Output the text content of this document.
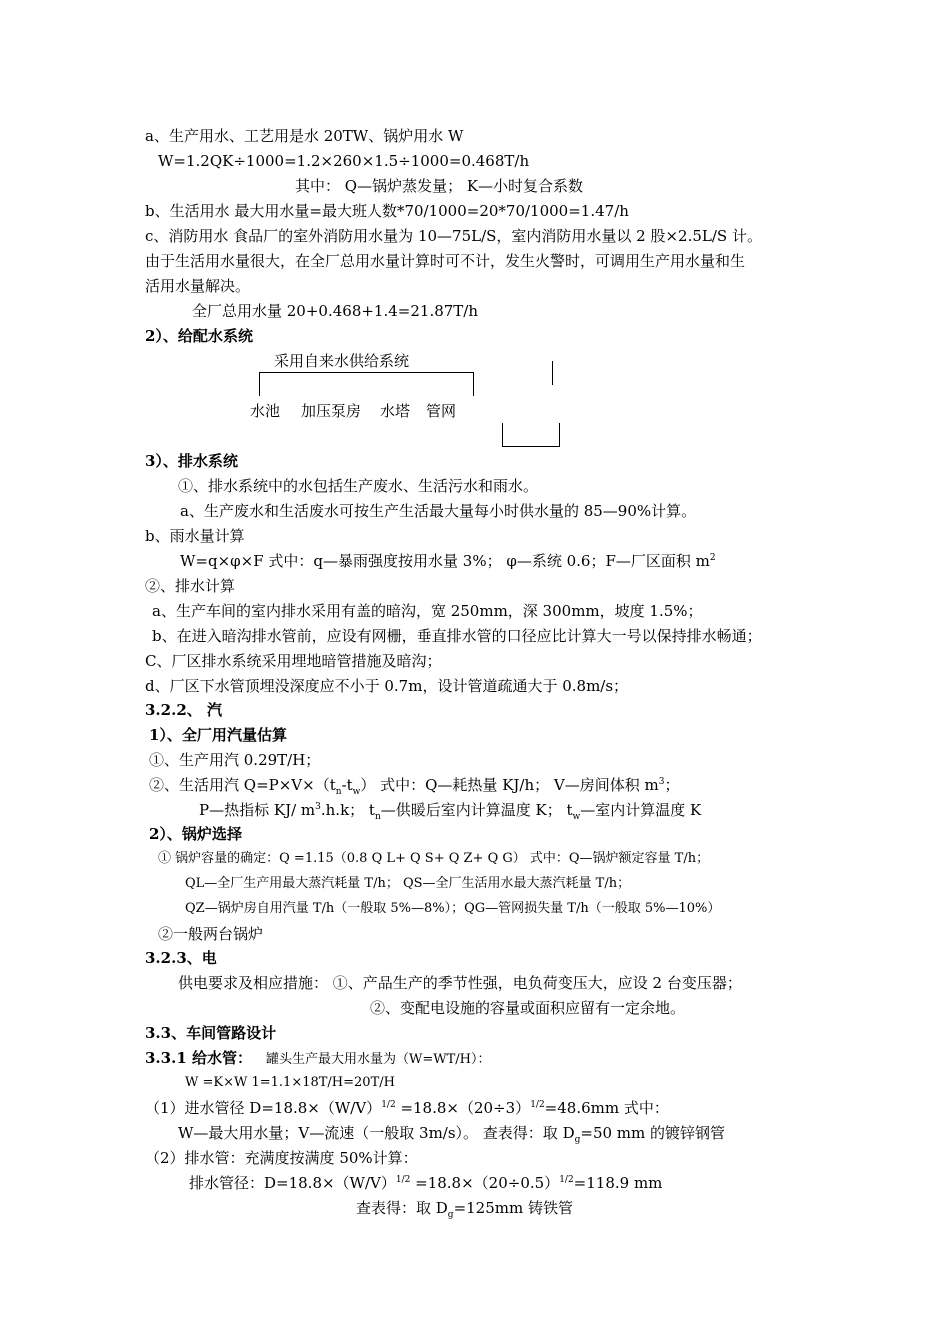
a、生产用水、工艺用是水 20TW、锅炉用水 W
W=1.2QK÷1000=1.2×260×1.5÷1000=0.468T/h
其中： Q—锅炉蒸发量； K—小时复合系数
b、生活用水 最大用水量=最大班人数*70/1000=20*70/1000=1.47/h
c、消防用水 食品厂的室外消防用水量为 10—75L/S，室内消防用水量以 2 股×2.5L/S 计。
由于生活用水量很大，在全厂总用水量计算时可不计，发生火警时，可调用生产用水量和生
活用水量解决。
全厂总用水量 20+0.468+1.4=21.87T/h
2）、给配水系统
采用自来水供给系统
水池 加压泵房 水塔 管网
3）、排水系统
①、排水系统中的水包括生产废水、生活污水和雨水。
a、生产废水和生活废水可按生产生活最大量每小时供水量的 85—90%计算。
b、雨水量计算
W=q×φ×F 式中：q—暴雨强度按用水量 3%； φ—系统 0.6；F—厂区面积 $m^2$
②、排水计算
a、生产车间的室内排水采用有盖的暗沟，宽 250mm，深 300mm，坡度 1.5%；
b、在进入暗沟排水管前，应设有网栅，垂直排水管的口径应比计算大一号以保持排水畅通；
C、厂区排水系统采用埋地暗管措施及暗沟；
d、厂区下水管顶埋没深度应不小于 0.7m，设计管道疏通大于 0.8m/s；
3.2.2、 汽
1）、全厂用汽量估算
①、生产用汽 0.29T/H；
②、生活用汽 $Q=P\times V\times(t_n-t_w)$ 式中：Q—耗热量 KJ/h； V—房间体积 $m^3$；
P—热指标 KJ/ $m^3.h.k$； $t_n—$供暖后室内计算温度 K； $t_w—$室内计算温度 K
2）、锅炉选择
① 锅炉容量的确定：Q =1.15（0.8 Q L+ Q S+ Q Z+ Q G） 式中：Q—锅炉额定容量 T/h；
QL—全厂生产用最大蒸汽耗量 T/h； QS—全厂生活用水最大蒸汽耗量 T/h；
QZ—锅炉房自用汽量 T/h（一般取 5%—8%）；QG—管网损失量 T/h（一般取 5%—10%）
②一般两台锅炉
3.2.3、电
供电要求及相应措施： ①、产品生产的季节性强，电负荷变压大，应设 2 台变压器；
②、变配电设施的容量或面积应留有一定余地。
3.3、车间管路设计
3.3.1 给水管： 罐头生产最大用水量为（W=WT/H）：
W =K×W 1=1.1×18T/H=20T/H
（1）进水管径 $D=18.8\times(W/V)^{1/2} =18.8\times(20\div 3)^{1/2}=48.6mm$ 式中：
W—最大用水量；V—流速（一般取 3m/s）。 查表得：取 $D_g=50$ mm 的镀锌钢管
（2）排水管：充满度按满度 50%计算：
排水管径：$D=18.8\times(W/V)^{1/2} =18.8\times(20\div 0.5)^{1/2}=118.9$ mm
查表得：取 $D_g=125mm$ 铸铁管
